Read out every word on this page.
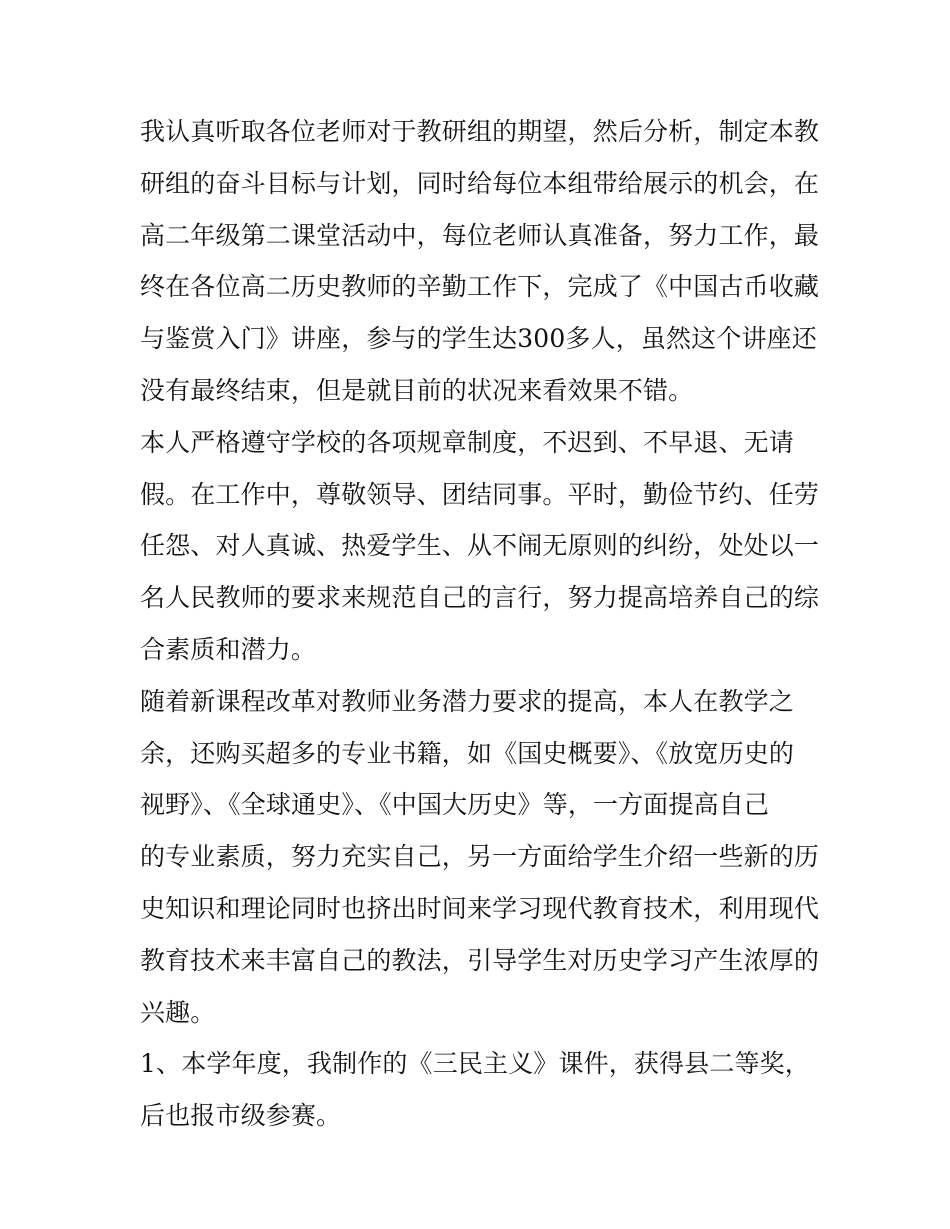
我认真听取各位老师对于教研组的期望，然后分析，制定本教
研组的奋斗目标与计划，同时给每位本组带给展示的机会，在
高二年级第二课堂活动中，每位老师认真准备，努力工作，最
终在各位高二历史教师的辛勤工作下，完成了《中国古币收藏
与鉴赏入门》讲座，参与的学生达300多人，虽然这个讲座还
没有最终结束，但是就目前的状况来看效果不错。

本人严格遵守学校的各项规章制度，不迟到、不早退、无请
假。在工作中，尊敬领导、团结同事。平时，勤俭节约、任劳
任怨、对人真诚、热爱学生、从不闹无原则的纠纷，处处以一
名人民教师的要求来规范自己的言行，努力提高培养自己的综
合素质和潜力。

随着新课程改革对教师业务潜力要求的提高，本人在教学之
余，还购买超多的专业书籍，如《国史概要》、《放宽历史的
视野》、《全球通史》、《中国大历史》等，一方面提高自己
的专业素质，努力充实自己，另一方面给学生介绍一些新的历
史知识和理论同时也挤出时间来学习现代教育技术，利用现代
教育技术来丰富自己的教法，引导学生对历史学习产生浓厚的
兴趣。

1、本学年度，我制作的《三民主义》课件，获得县二等奖，
后也报市级参赛。
